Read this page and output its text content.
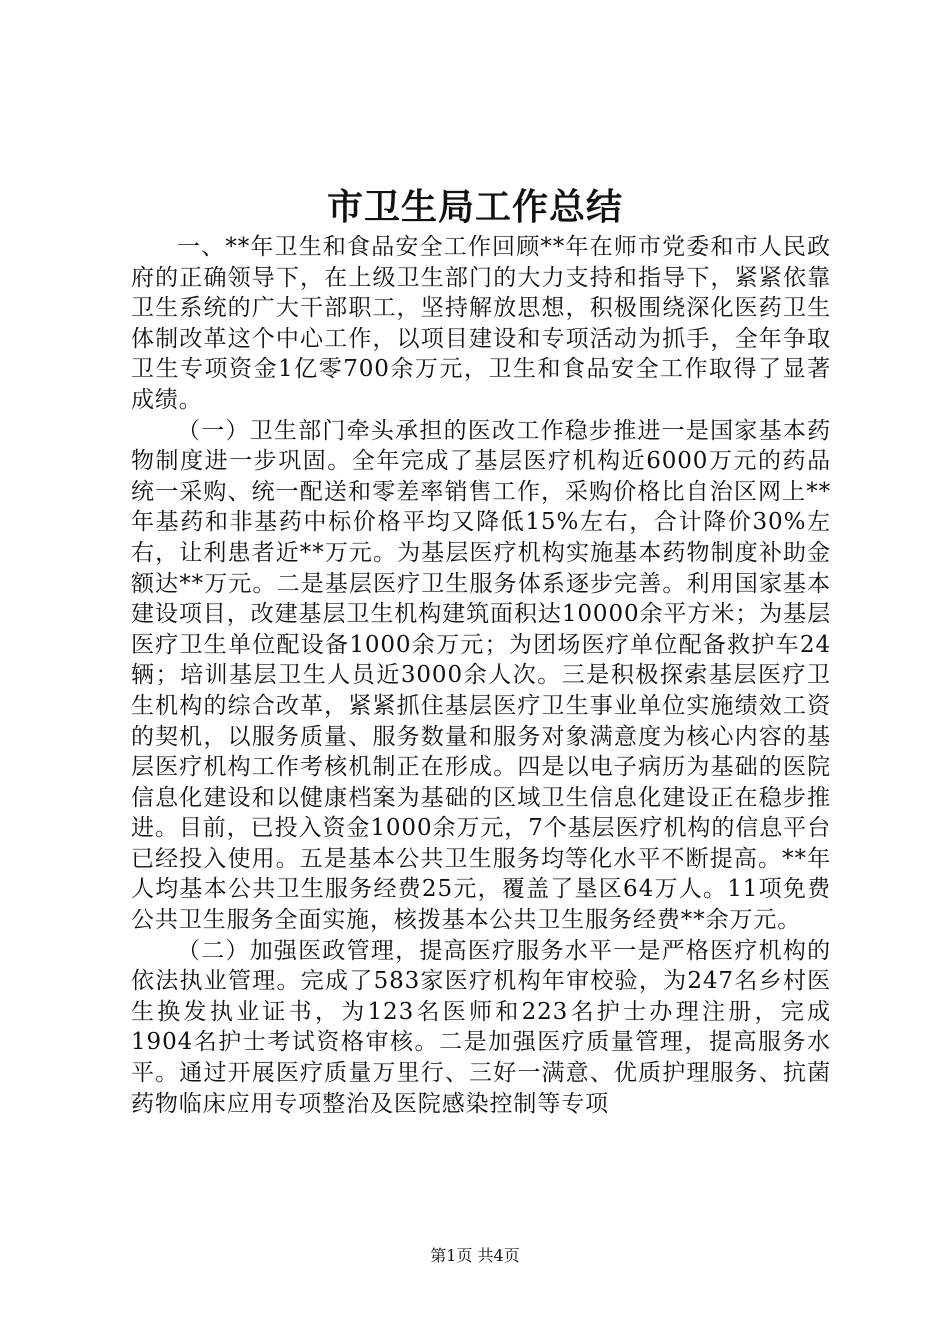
市卫生局工作总结

一、**年卫生和食品安全工作回顾**年在师市党委和市人民政府的正确领导下，在上级卫生部门的大力支持和指导下，紧紧依靠卫生系统的广大干部职工，坚持解放思想，积极围绕深化医药卫生体制改革这个中心工作，以项目建设和专项活动为抓手，全年争取卫生专项资金1亿零700余万元，卫生和食品安全工作取得了显著成绩。

（一）卫生部门牵头承担的医改工作稳步推进一是国家基本药物制度进一步巩固。全年完成了基层医疗机构近6000万元的药品统一采购、统一配送和零差率销售工作，采购价格比自治区网上**年基药和非基药中标价格平均又降低15%左右，合计降价30%左右，让利患者近**万元。为基层医疗机构实施基本药物制度补助金额达**万元。二是基层医疗卫生服务体系逐步完善。利用国家基本建设项目，改建基层卫生机构建筑面积达10000余平方米；为基层医疗卫生单位配设备1000余万元；为团场医疗单位配备救护车24辆；培训基层卫生人员近3000余人次。三是积极探索基层医疗卫生机构的综合改革，紧紧抓住基层医疗卫生事业单位实施绩效工资的契机，以服务质量、服务数量和服务对象满意度为核心内容的基层医疗机构工作考核机制正在形成。四是以电子病历为基础的医院信息化建设和以健康档案为基础的区域卫生信息化建设正在稳步推进。目前，已投入资金1000余万元，7个基层医疗机构的信息平台已经投入使用。五是基本公共卫生服务均等化水平不断提高。**年人均基本公共卫生服务经费25元，覆盖了垦区64万人。11项免费公共卫生服务全面实施，核拨基本公共卫生服务经费**余万元。

（二）加强医政管理，提高医疗服务水平一是严格医疗机构的依法执业管理。完成了583家医疗机构年审校验，为247名乡村医生换发执业证书，为123名医师和223名护士办理注册，完成1904名护士考试资格审核。二是加强医疗质量管理，提高服务水平。通过开展医疗质量万里行、三好一满意、优质护理服务、抗菌药物临床应用专项整治及医院感染控制等专项

第1页 共4页
